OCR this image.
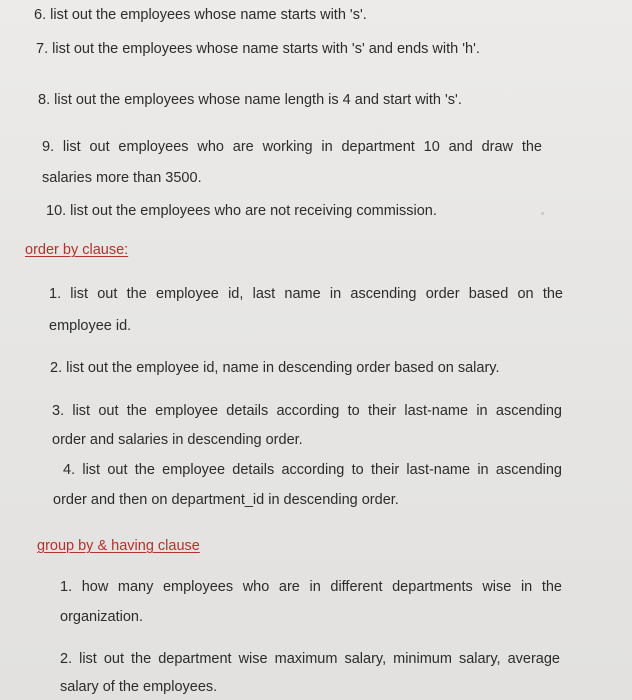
6. list out the employees whose name starts with 's'.
7. list out the employees whose name starts with 's' and ends with 'h'.
8. list out the employees whose name length is 4 and start with 's'.
9. list out employees who are working in department 10 and draw the
salaries more than 3500.
10. list out the employees who are not receiving commission.
order by clause:
1. list out the employee id, last name in ascending order based on the
employee id.
2. list out the employee id, name in descending order based on salary.
3. list out the employee details according to their last-name in ascending
order and salaries in descending order.
4. list out the employee details according to their last-name in ascending
order and then on department_id in descending order.
group by & having clause
1. how many employees who are in different departments wise in the
organization.
2. list out the department wise maximum salary, minimum salary, average
salary of the employees.
